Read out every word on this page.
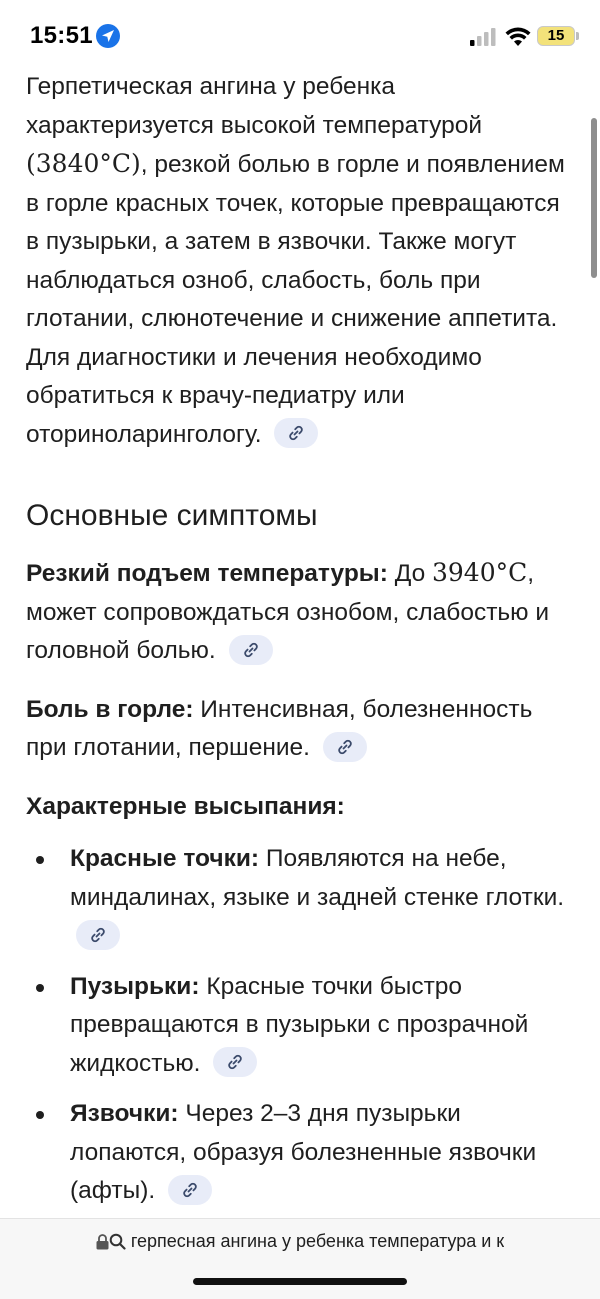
15:51	15

Герпетическая ангина у ребенка характеризуется высокой температурой (3840°C), резкой болью в горле и появлением в горле красных точек, которые превращаются в пузырьки, а затем в язвочки. Также могут наблюдаться озноб, слабость, боль при глотании, слюнотечение и снижение аппетита. Для диагностики и лечения необходимо обратиться к врачу-педиатру или оториноларингологу.

Основные симптомы

Резкий подъем температуры: До 3940°C, может сопровождаться ознобом, слабостью и головной болью.

Боль в горле: Интенсивная, болезненность при глотании, першение.

Характерные высыпания:

Красные точки: Появляются на небе, миндалинах, языке и задней стенке глотки.
Пузырьки: Красные точки быстро превращаются в пузырьки с прозрачной жидкостью.
Язвочки: Через 2–3 дня пузырьки лопаются, образуя болезненные язвочки (афты).
герпесная ангина у ребенка температура и к
